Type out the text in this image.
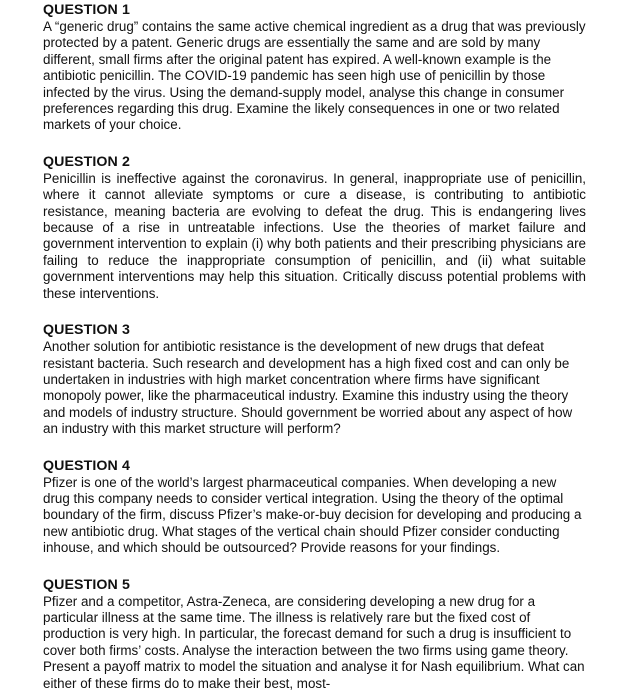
QUESTION 1

A “generic drug” contains the same active chemical ingredient as a drug that was previously protected by a patent. Generic drugs are essentially the same and are sold by many different, small firms after the original patent has expired. A well-known example is the antibiotic penicillin. The COVID-19 pandemic has seen high use of penicillin by those infected by the virus. Using the demand-supply model, analyse this change in consumer preferences regarding this drug. Examine the likely consequences in one or two related markets of your choice.

QUESTION 2

Penicillin is ineffective against the coronavirus. In general, inappropriate use of penicillin, where it cannot alleviate symptoms or cure a disease, is contributing to antibiotic resistance, meaning bacteria are evolving to defeat the drug. This is endangering lives because of a rise in untreatable infections. Use the theories of market failure and government intervention to explain (i) why both patients and their prescribing physicians are failing to reduce the inappropriate consumption of penicillin, and (ii) what suitable government interventions may help this situation. Critically discuss potential problems with these interventions.

QUESTION 3

Another solution for antibiotic resistance is the development of new drugs that defeat resistant bacteria. Such research and development has a high fixed cost and can only be undertaken in industries with high market concentration where firms have significant monopoly power, like the pharmaceutical industry. Examine this industry using the theory and models of industry structure. Should government be worried about any aspect of how an industry with this market structure will perform?

QUESTION 4

Pfizer is one of the world’s largest pharmaceutical companies. When developing a new drug this company needs to consider vertical integration. Using the theory of the optimal boundary of the firm, discuss Pfizer’s make-or-buy decision for developing and producing a new antibiotic drug. What stages of the vertical chain should Pfizer consider conducting inhouse, and which should be outsourced? Provide reasons for your findings.

QUESTION 5

Pfizer and a competitor, Astra-Zeneca, are considering developing a new drug for a particular illness at the same time. The illness is relatively rare but the fixed cost of production is very high. In particular, the forecast demand for such a drug is insufficient to cover both firms’ costs. Analyse the interaction between the two firms using game theory. Present a payoff matrix to model the situation and analyse it for Nash equilibrium. What can either of these firms do to make their best, most-
